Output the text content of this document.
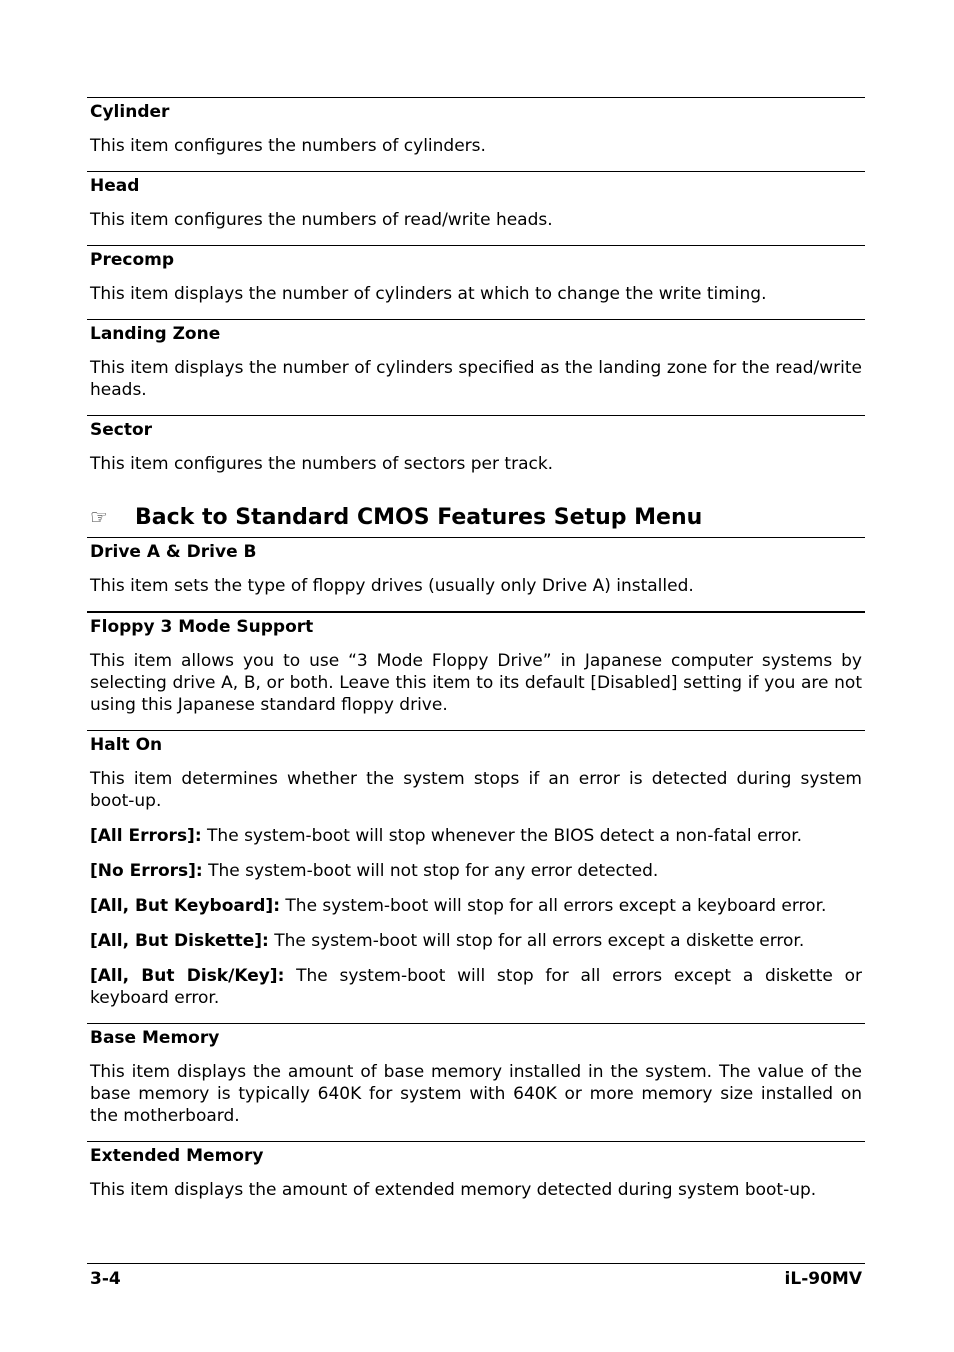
Cylinder
This item configures the numbers of cylinders.
Head
This item configures the numbers of read/write heads.
Precomp
This item displays the number of cylinders at which to change the write timing.
Landing Zone
This item displays the number of cylinders specified as the landing zone for the read/write heads.
Sector
This item configures the numbers of sectors per track.
☞	Back to Standard CMOS Features Setup Menu
Drive A & Drive B
This item sets the type of floppy drives (usually only Drive A) installed.
Floppy 3 Mode Support
This item allows you to use “3 Mode Floppy Drive” in Japanese computer systems by selecting drive A, B, or both. Leave this item to its default [Disabled] setting if you are not using this Japanese standard floppy drive.
Halt On
This item determines whether the system stops if an error is detected during system boot-up.
[All Errors]: The system-boot will stop whenever the BIOS detect a non-fatal error.
[No Errors]: The system-boot will not stop for any error detected.
[All, But Keyboard]: The system-boot will stop for all errors except a keyboard error.
[All, But Diskette]: The system-boot will stop for all errors except a diskette error.
[All, But Disk/Key]: The system-boot will stop for all errors except a diskette or keyboard error.
Base Memory
This item displays the amount of base memory installed in the system. The value of the base memory is typically 640K for system with 640K or more memory size installed on the motherboard.
Extended Memory
This item displays the amount of extended memory detected during system boot-up.
3-4	iL-90MV
